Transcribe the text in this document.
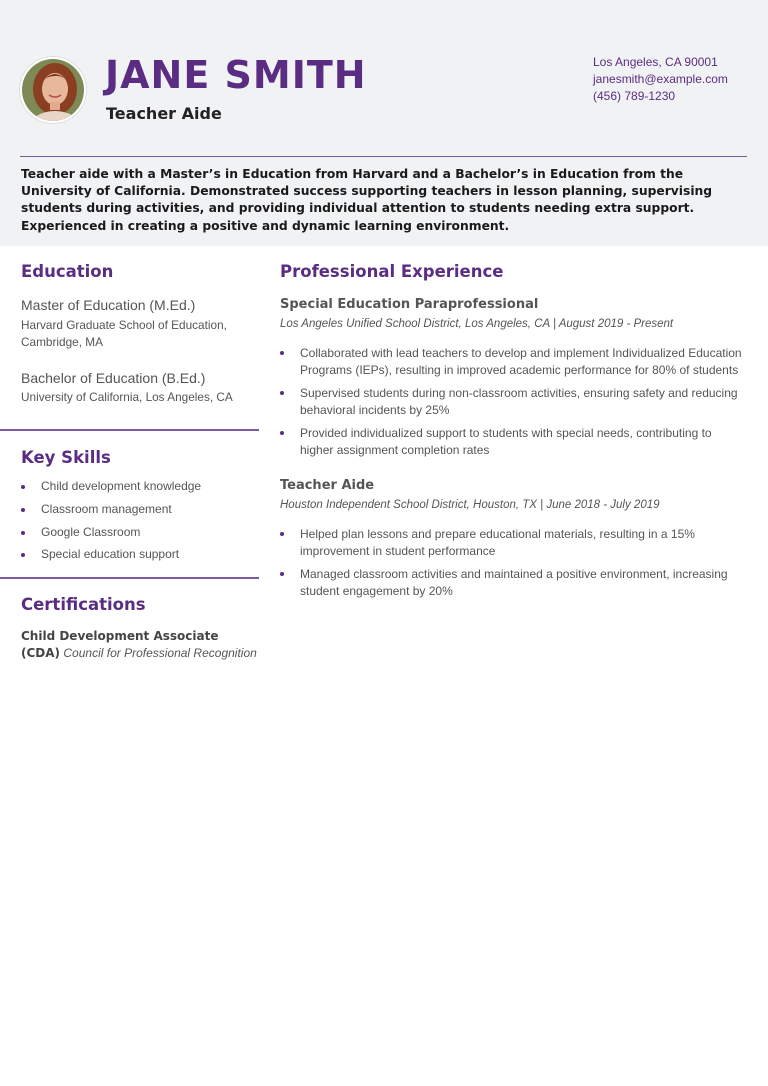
JANE SMITH
Teacher Aide
Los Angeles, CA 90001
janesmith@example.com
(456) 789-1230
Teacher aide with a Master’s in Education from Harvard and a Bachelor’s in Education from the University of California. Demonstrated success supporting teachers in lesson planning, supervising students during activities, and providing individual attention to students needing extra support. Experienced in creating a positive and dynamic learning environment.
Education
Master of Education (M.Ed.)
Harvard Graduate School of Education, Cambridge, MA
Bachelor of Education (B.Ed.)
University of California, Los Angeles, CA
Key Skills
Child development knowledge
Classroom management
Google Classroom
Special education support
Certifications
Child Development Associate
(CDA) Council for Professional Recognition
Professional Experience
Special Education Paraprofessional
Los Angeles Unified School District, Los Angeles, CA | August 2019 - Present
Collaborated with lead teachers to develop and implement Individualized Education Programs (IEPs), resulting in improved academic performance for 80% of students
Supervised students during non-classroom activities, ensuring safety and reducing behavioral incidents by 25%
Provided individualized support to students with special needs, contributing to higher assignment completion rates
Teacher Aide
Houston Independent School District, Houston, TX | June 2018 - July 2019
Helped plan lessons and prepare educational materials, resulting in a 15% improvement in student performance
Managed classroom activities and maintained a positive environment, increasing student engagement by 20%
